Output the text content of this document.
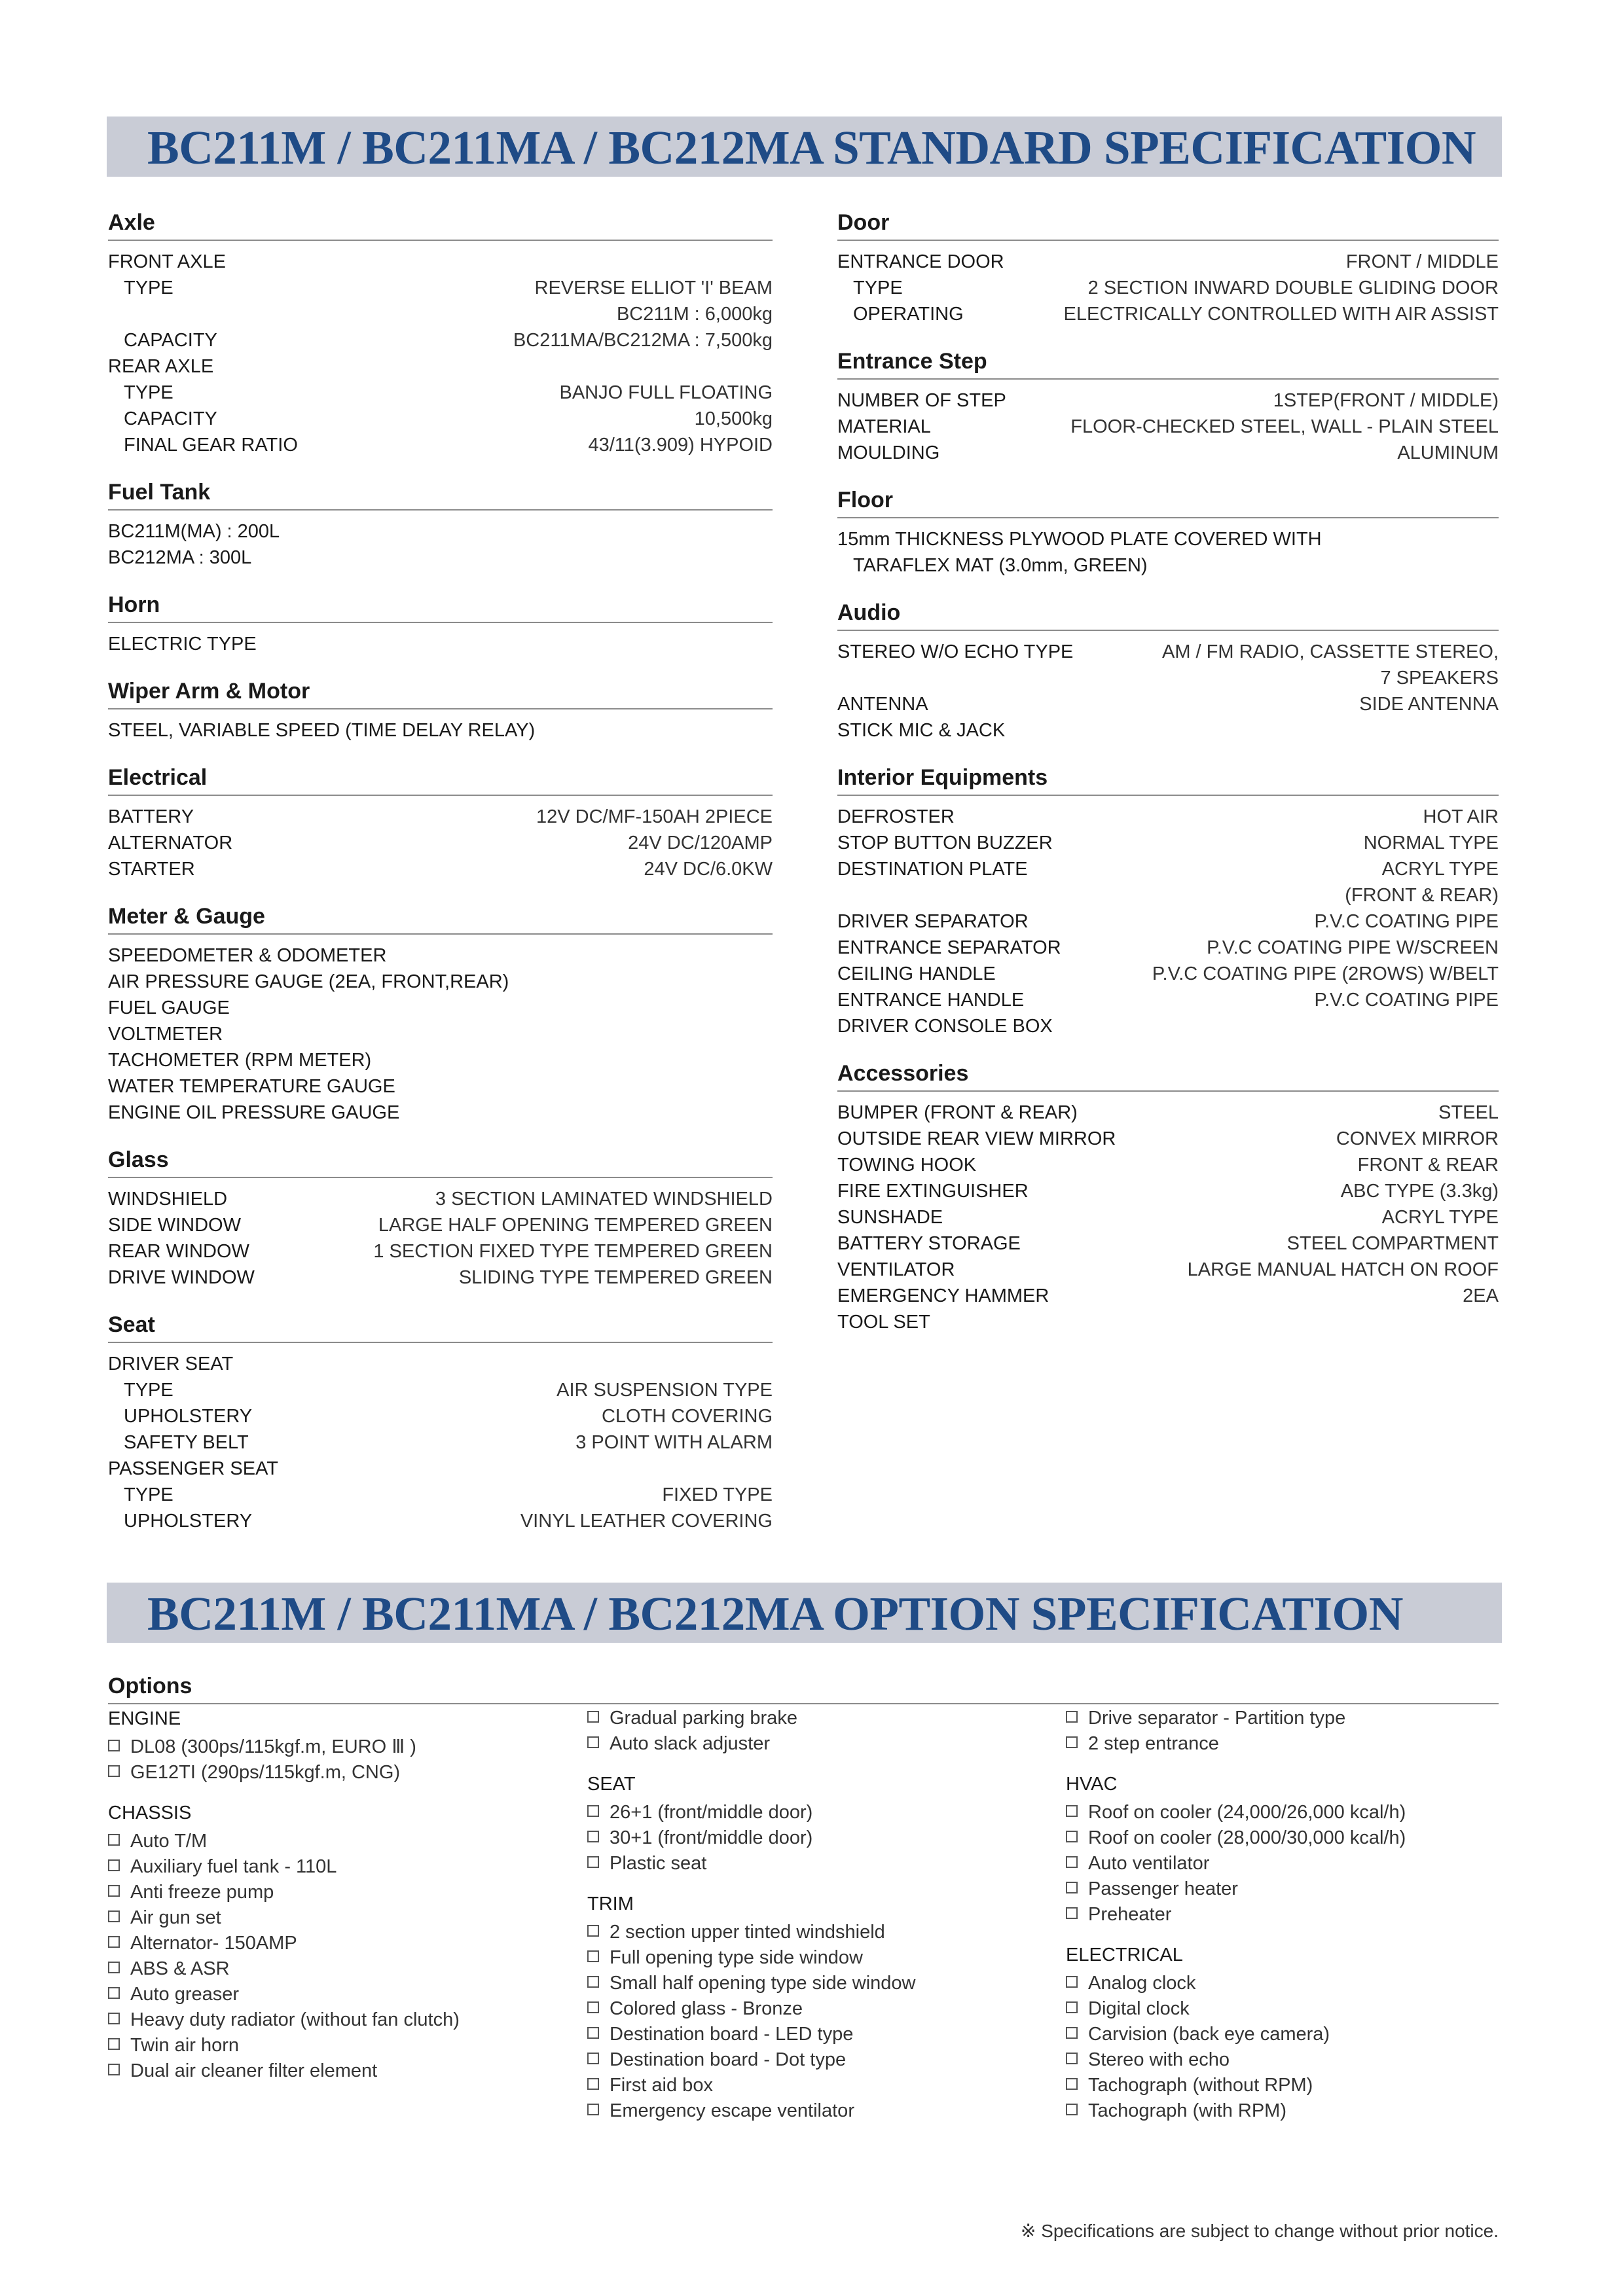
BC211M / BC211MA / BC212MA STANDARD SPECIFICATION
Axle
FRONT AXLE
TYPE	REVERSE ELLIOT 'I' BEAM
BC211M : 6,000kg
CAPACITY	BC211MA/BC212MA : 7,500kg
REAR AXLE
TYPE	BANJO FULL FLOATING
CAPACITY	10,500kg
FINAL GEAR RATIO	43/11(3.909) HYPOID
Fuel Tank
BC211M(MA) : 200L
BC212MA : 300L
Horn
ELECTRIC TYPE
Wiper Arm & Motor
STEEL, VARIABLE SPEED (TIME DELAY RELAY)
Electrical
BATTERY	12V DC/MF-150AH 2PIECE
ALTERNATOR	24V DC/120AMP
STARTER	24V DC/6.0KW
Meter & Gauge
SPEEDOMETER & ODOMETER
AIR PRESSURE GAUGE (2EA, FRONT,REAR)
FUEL GAUGE
VOLTMETER
TACHOMETER (RPM METER)
WATER TEMPERATURE GAUGE
ENGINE OIL PRESSURE GAUGE
Glass
WINDSHIELD	3 SECTION LAMINATED WINDSHIELD
SIDE WINDOW	LARGE HALF OPENING TEMPERED GREEN
REAR WINDOW	1 SECTION FIXED TYPE TEMPERED GREEN
DRIVE WINDOW	SLIDING TYPE TEMPERED GREEN
Seat
DRIVER SEAT
TYPE	AIR SUSPENSION TYPE
UPHOLSTERY	CLOTH COVERING
SAFETY BELT	3 POINT WITH ALARM
PASSENGER SEAT
TYPE	FIXED TYPE
UPHOLSTERY	VINYL LEATHER COVERING
Door
ENTRANCE DOOR	FRONT / MIDDLE
TYPE	2 SECTION INWARD DOUBLE GLIDING DOOR
OPERATING	ELECTRICALLY CONTROLLED WITH AIR ASSIST
Entrance Step
NUMBER OF STEP	1STEP(FRONT / MIDDLE)
MATERIAL	FLOOR-CHECKED STEEL, WALL - PLAIN STEEL
MOULDING	ALUMINUM
Floor
15mm THICKNESS PLYWOOD PLATE COVERED WITH
TARAFLEX MAT (3.0mm, GREEN)
Audio
STEREO W/O ECHO TYPE	AM / FM RADIO, CASSETTE STEREO,
7 SPEAKERS
ANTENNA	SIDE ANTENNA
STICK MIC & JACK
Interior Equipments
DEFROSTER	HOT AIR
STOP BUTTON BUZZER	NORMAL TYPE
DESTINATION PLATE	ACRYL TYPE
(FRONT & REAR)
DRIVER SEPARATOR	P.V.C COATING PIPE
ENTRANCE SEPARATOR	P.V.C COATING PIPE W/SCREEN
CEILING HANDLE	P.V.C COATING PIPE (2ROWS) W/BELT
ENTRANCE HANDLE	P.V.C COATING PIPE
DRIVER CONSOLE BOX
Accessories
BUMPER (FRONT & REAR)	STEEL
OUTSIDE REAR VIEW MIRROR	CONVEX MIRROR
TOWING HOOK	FRONT & REAR
FIRE EXTINGUISHER	ABC TYPE (3.3kg)
SUNSHADE	ACRYL TYPE
BATTERY STORAGE	STEEL COMPARTMENT
VENTILATOR	LARGE MANUAL HATCH ON ROOF
EMERGENCY HAMMER	2EA
TOOL SET
BC211M / BC211MA / BC212MA OPTION SPECIFICATION
Options
ENGINE
DL08 (300ps/115kgf.m, EURO Ⅲ )
GE12TI (290ps/115kgf.m, CNG)
CHASSIS
Auto T/M
Auxiliary fuel tank - 110L
Anti freeze pump
Air gun set
Alternator- 150AMP
ABS & ASR
Auto greaser
Heavy duty radiator (without fan clutch)
Twin air horn
Dual air cleaner filter element
Gradual parking brake
Auto slack adjuster
SEAT
26+1 (front/middle door)
30+1 (front/middle door)
Plastic seat
TRIM
2 section upper tinted windshield
Full opening type side window
Small half opening type side window
Colored glass - Bronze
Destination board - LED type
Destination board - Dot type
First aid box
Emergency escape ventilator
Drive separator - Partition type
2 step entrance
HVAC
Roof on cooler (24,000/26,000 kcal/h)
Roof on cooler (28,000/30,000 kcal/h)
Auto ventilator
Passenger heater
Preheater
ELECTRICAL
Analog clock
Digital clock
Carvision (back eye camera)
Stereo with echo
Tachograph (without RPM)
Tachograph (with RPM)
※ Specifications are subject to change without prior notice.
